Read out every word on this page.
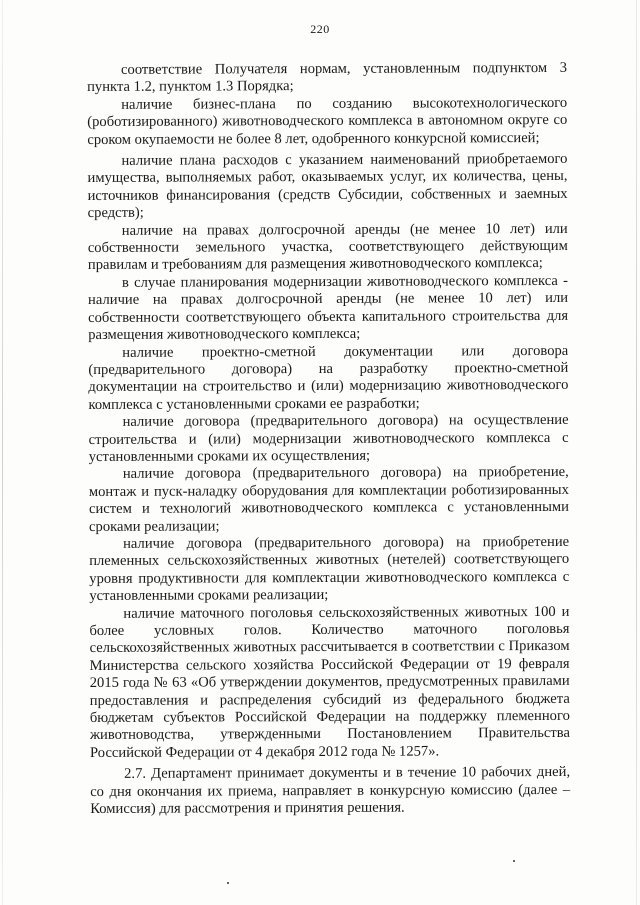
220

соответствие Получателя нормам, установленным подпунктом 3 пункта 1.2, пунктом 1.3 Порядка;

наличие бизнес-плана по созданию высокотехнологического (роботизированного) животноводческого комплекса в автономном округе со сроком окупаемости не более 8 лет, одобренного конкурсной комиссией;

наличие плана расходов с указанием наименований приобретаемого имущества, выполняемых работ, оказываемых услуг, их количества, цены, источников финансирования (средств Субсидии, собственных и заемных средств);

наличие на правах долгосрочной аренды (не менее 10 лет) или собственности земельного участка, соответствующего действующим правилам и требованиям для размещения животноводческого комплекса;

в случае планирования модернизации животноводческого комплекса - наличие на правах долгосрочной аренды (не менее 10 лет) или собственности соответствующего объекта капитального строительства для размещения животноводческого комплекса;

наличие проектно-сметной документации или договора (предварительного договора) на разработку проектно-сметной документации на строительство и (или) модернизацию животноводческого комплекса с установленными сроками ее разработки;

наличие договора (предварительного договора) на осуществление строительства и (или) модернизации животноводческого комплекса с установленными сроками их осуществления;

наличие договора (предварительного договора) на приобретение, монтаж и пуск-наладку оборудования для комплектации роботизированных систем и технологий животноводческого комплекса с установленными сроками реализации;

наличие договора (предварительного договора) на приобретение племенных сельскохозяйственных животных (нетелей) соответствующего уровня продуктивности для комплектации животноводческого комплекса с установленными сроками реализации;

наличие маточного поголовья сельскохозяйственных животных 100 и более условных голов. Количество маточного поголовья сельскохозяйственных животных рассчитывается в соответствии с Приказом Министерства сельского хозяйства Российской Федерации от 19 февраля 2015 года № 63 «Об утверждении документов, предусмотренных правилами предоставления и распределения субсидий из федерального бюджета бюджетам субъектов Российской Федерации на поддержку племенного животноводства, утвержденными Постановлением Правительства Российской Федерации от 4 декабря 2012 года № 1257».

2.7. Департамент принимает документы и в течение 10 рабочих дней, со дня окончания их приема, направляет в конкурсную комиссию (далее – Комиссия) для рассмотрения и принятия решения.
